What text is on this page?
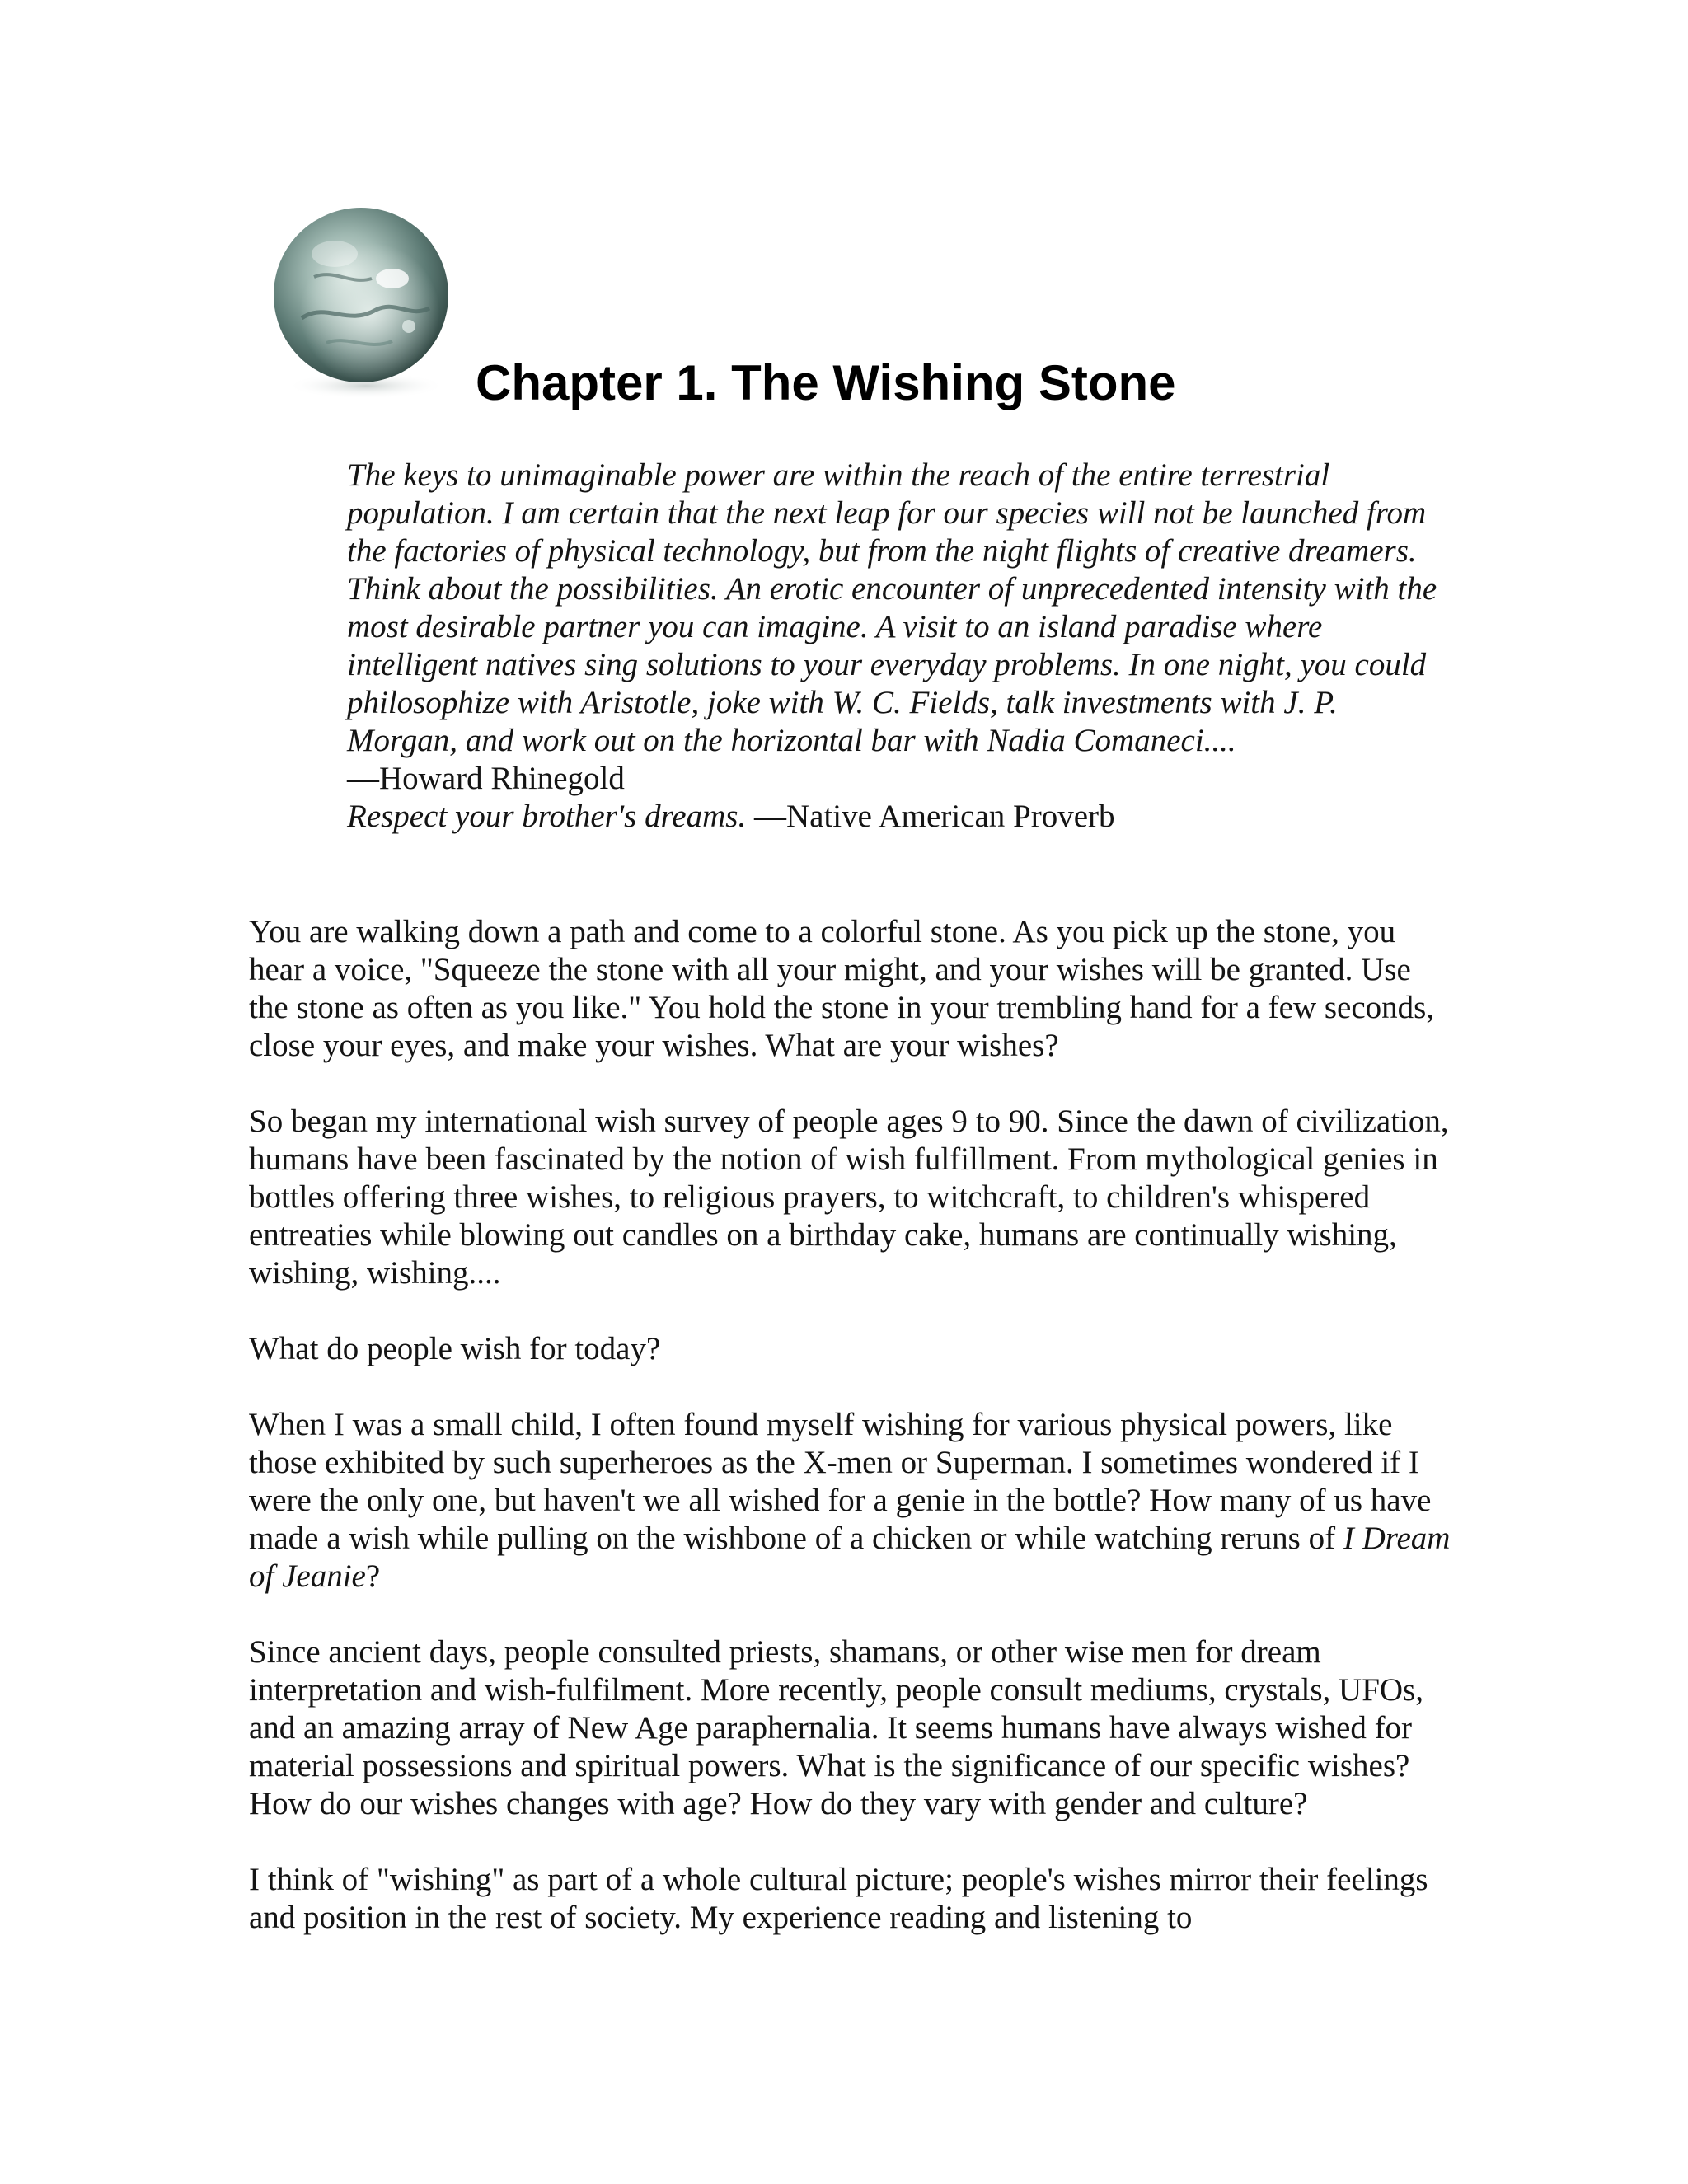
Chapter 1. The Wishing Stone

The keys to unimaginable power are within the reach of the entire terrestrial population. I am certain that the next leap for our species will not be launched from the factories of physical technology, but from the night flights of creative dreamers. Think about the possibilities. An erotic encounter of unprecedented intensity with the most desirable partner you can imagine. A visit to an island paradise where intelligent natives sing solutions to your everyday problems. In one night, you could philosophize with Aristotle, joke with W. C. Fields, talk investments with J. P. Morgan, and work out on the horizontal bar with Nadia Comaneci....

—Howard Rhinegold

Respect your brother's dreams. —Native American Proverb

You are walking down a path and come to a colorful stone. As you pick up the stone, you hear a voice, "Squeeze the stone with all your might, and your wishes will be granted. Use the stone as often as you like." You hold the stone in your trembling hand for a few seconds, close your eyes, and make your wishes. What are your wishes?

So began my international wish survey of people ages 9 to 90. Since the dawn of civilization, humans have been fascinated by the notion of wish fulfillment. From mythological genies in bottles offering three wishes, to religious prayers, to witchcraft, to children's whispered entreaties while blowing out candles on a birthday cake, humans are continually wishing, wishing, wishing....

What do people wish for today?

When I was a small child, I often found myself wishing for various physical powers, like those exhibited by such superheroes as the X-men or Superman. I sometimes wondered if I were the only one, but haven't we all wished for a genie in the bottle? How many of us have made a wish while pulling on the wishbone of a chicken or while watching reruns of I Dream of Jeanie?

Since ancient days, people consulted priests, shamans, or other wise men for dream interpretation and wish-fulfilment. More recently, people consult mediums, crystals, UFOs, and an amazing array of New Age paraphernalia. It seems humans have always wished for material possessions and spiritual powers. What is the significance of our specific wishes? How do our wishes changes with age? How do they vary with gender and culture?

I think of "wishing" as part of a whole cultural picture; people's wishes mirror their feelings and position in the rest of society. My experience reading and listening to
